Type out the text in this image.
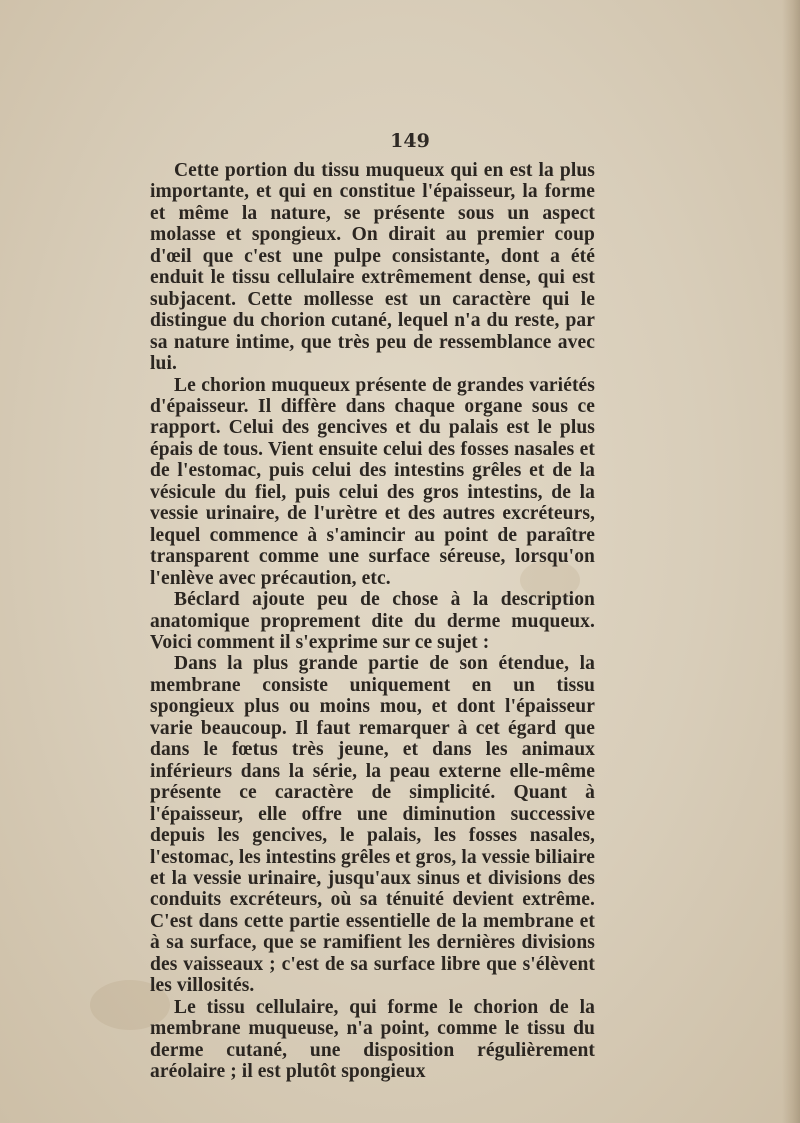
149

Cette portion du tissu muqueux qui en est la plus importante, et qui en constitue l'épaisseur, la forme et même la nature, se présente sous un aspect molasse et spongieux. On dirait au premier coup d'œil que c'est une pulpe consistante, dont a été enduit le tissu cellulaire extrêmement dense, qui est subjacent. Cette mollesse est un caractère qui le distingue du chorion cutané, lequel n'a du reste, par sa nature intime, que très peu de ressemblance avec lui.

Le chorion muqueux présente de grandes variétés d'épaisseur. Il diffère dans chaque organe sous ce rapport. Celui des gencives et du palais est le plus épais de tous. Vient ensuite celui des fosses nasales et de l'estomac, puis celui des intestins grêles et de la vésicule du fiel, puis celui des gros intestins, de la vessie urinaire, de l'urètre et des autres excréteurs, lequel commence à s'amincir au point de paraître transparent comme une surface séreuse, lorsqu'on l'enlève avec précaution, etc.

Béclard ajoute peu de chose à la description anatomique proprement dite du derme muqueux. Voici comment il s'exprime sur ce sujet :

Dans la plus grande partie de son étendue, la membrane consiste uniquement en un tissu spongieux plus ou moins mou, et dont l'épaisseur varie beaucoup. Il faut remarquer à cet égard que dans le fœtus très jeune, et dans les animaux inférieurs dans la série, la peau externe elle-même présente ce caractère de simplicité. Quant à l'épaisseur, elle offre une diminution successive depuis les gencives, le palais, les fosses nasales, l'estomac, les intestins grêles et gros, la vessie biliaire et la vessie urinaire, jusqu'aux sinus et divisions des conduits excréteurs, où sa ténuité devient extrême. C'est dans cette partie essentielle de la membrane et à sa surface, que se ramifient les dernières divisions des vaisseaux ; c'est de sa surface libre que s'élèvent les villosités.

Le tissu cellulaire, qui forme le chorion de la membrane muqueuse, n'a point, comme le tissu du derme cutané, une disposition régulièrement aréolaire ; il est plutôt spongieux
